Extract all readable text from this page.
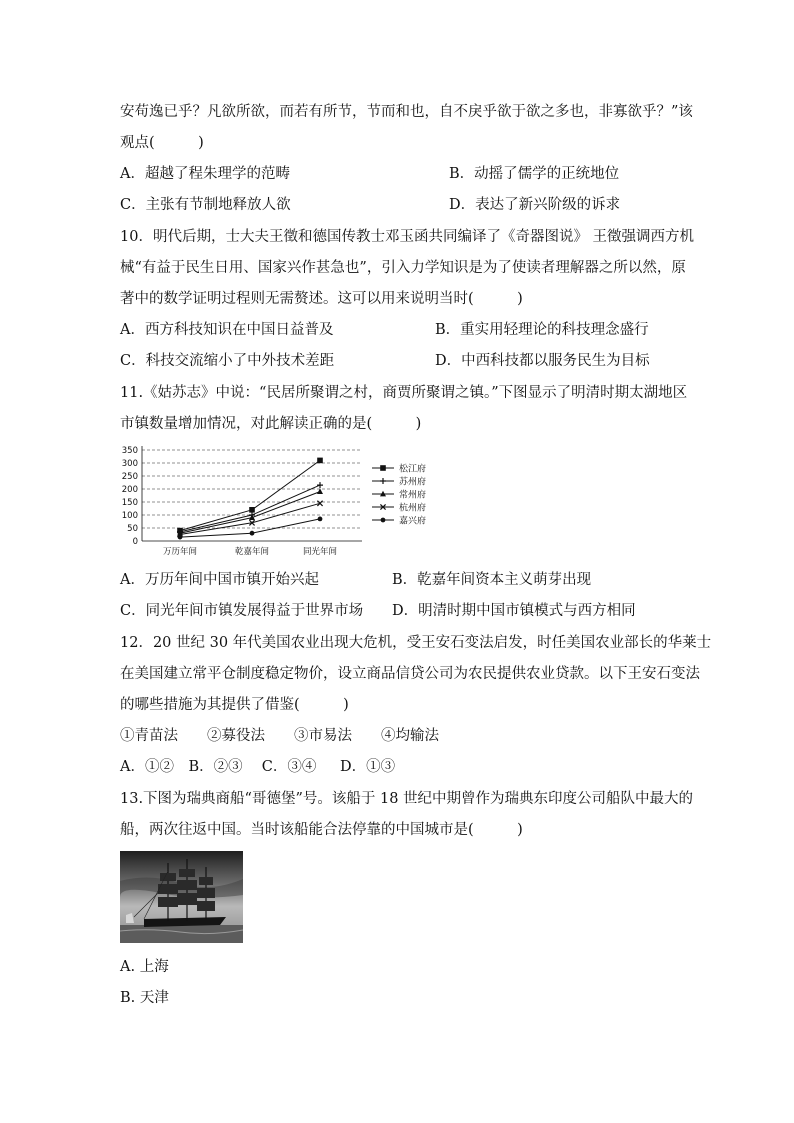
安苟逸已乎？凡欲所欲，而若有所节，节而和也，自不戾乎欲于欲之多也，非寡欲乎？”该
观点(　　　)
A．超越了程朱理学的范畴	B．动摇了儒学的正统地位
C．主张有节制地释放人欲	D．表达了新兴阶级的诉求
10．明代后期，士大夫王徵和德国传教士邓玉函共同编译了《奇器图说》 王徵强调西方机
械“有益于民生日用、国家兴作甚急也”，引入力学知识是为了使读者理解器之所以然，原
著中的数学证明过程则无需赘述。这可以用来说明当时(　　　)
A．西方科技知识在中国日益普及	B．重实用轻理论的科技理念盛行
C．科技交流缩小了中外技术差距	D．中西科技都以服务民生为目标
11.《姑苏志》中说：“民居所聚谓之村，商贾所聚谓之镇。”下图显示了明清时期太湖地区
市镇数量增加情况，对此解读正确的是(　　　)
0
50
100
150
200
250
300
350
万历年间	乾嘉年间	同光年间
松江府
苏州府
常州府
杭州府
嘉兴府
A．万历年间中国市镇开始兴起	B．乾嘉年间资本主义萌芽出现
C．同光年间市镇发展得益于世界市场 D．明清时期中国市镇模式与西方相同
12．20 世纪 30 年代美国农业出现大危机，受王安石变法启发，时任美国农业部长的华莱士
在美国建立常平仓制度稳定物价，设立商品信贷公司为农民提供农业贷款。以下王安石变法
的哪些措施为其提供了借鉴(　　　)
①青苗法　　②募役法　　③市易法　　④均输法
A．①②　B．②③　 C．③④ 　 D．①③
13.下图为瑞典商船“哥德堡”号。该船于 18 世纪中期曾作为瑞典东印度公司船队中最大的
船，两次往返中国。当时该船能合法停靠的中国城市是(　　　)
A. 上海
B. 天津
